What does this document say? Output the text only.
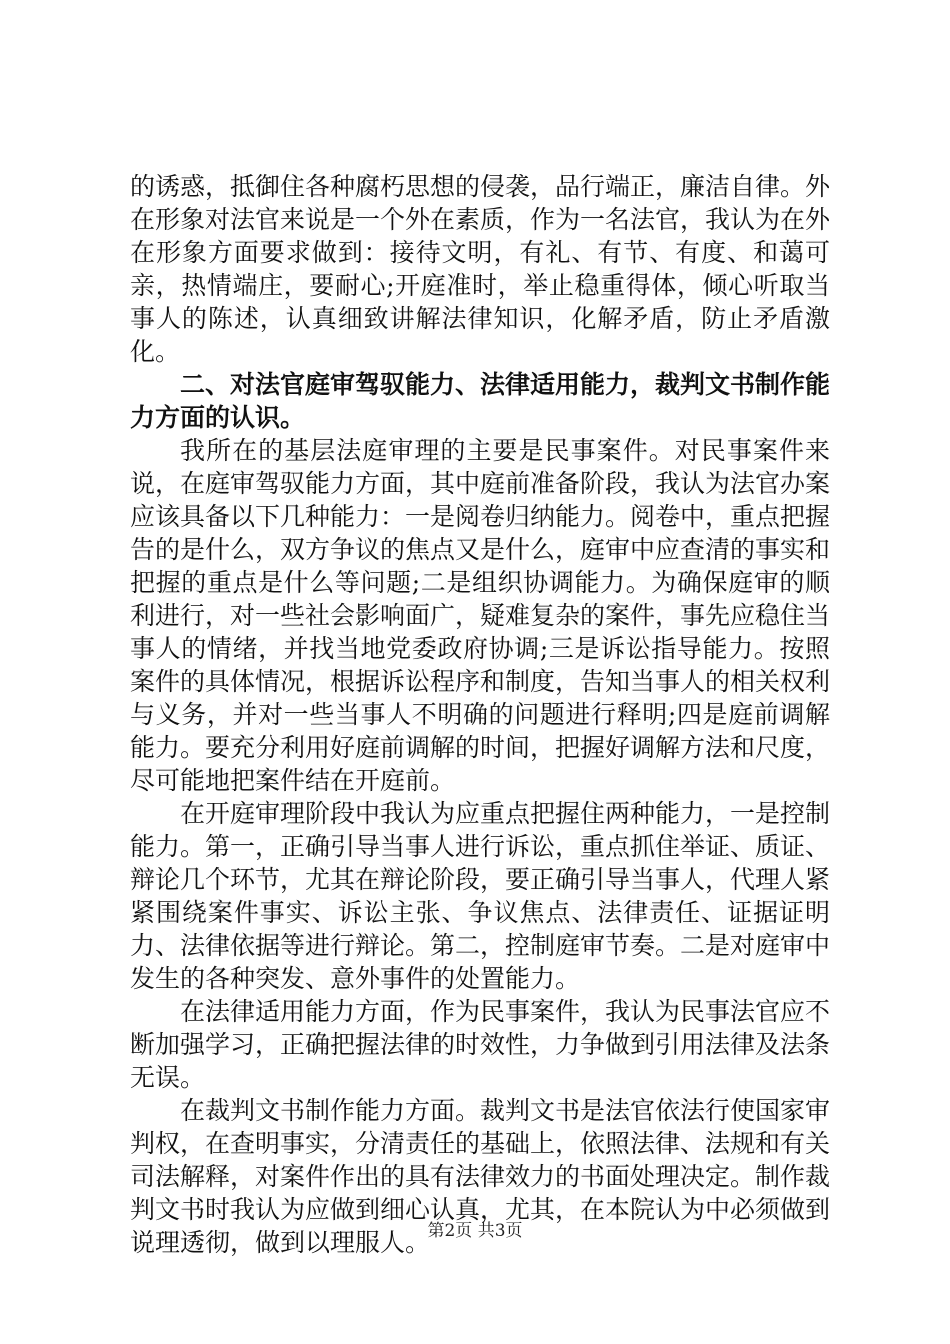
的诱惑，抵御住各种腐朽思想的侵袭，品行端正，廉洁自律。外在形象对法官来说是一个外在素质，作为一名法官，我认为在外在形象方面要求做到：接待文明，有礼、有节、有度、和蔼可亲，热情端庄，要耐心;开庭准时，举止稳重得体，倾心听取当事人的陈述，认真细致讲解法律知识，化解矛盾，防止矛盾激化。

二、对法官庭审驾驭能力、法律适用能力，裁判文书制作能力方面的认识。

我所在的基层法庭审理的主要是民事案件。对民事案件来说，在庭审驾驭能力方面，其中庭前准备阶段，我认为法官办案应该具备以下几种能力：一是阅卷归纳能力。阅卷中，重点把握告的是什么，双方争议的焦点又是什么，庭审中应查清的事实和把握的重点是什么等问题;二是组织协调能力。为确保庭审的顺利进行，对一些社会影响面广，疑难复杂的案件，事先应稳住当事人的情绪，并找当地党委政府协调;三是诉讼指导能力。按照案件的具体情况，根据诉讼程序和制度，告知当事人的相关权利与义务，并对一些当事人不明确的问题进行释明;四是庭前调解能力。要充分利用好庭前调解的时间，把握好调解方法和尺度，尽可能地把案件结在开庭前。

在开庭审理阶段中我认为应重点把握住两种能力，一是控制能力。第一，正确引导当事人进行诉讼，重点抓住举证、质证、辩论几个环节，尤其在辩论阶段，要正确引导当事人，代理人紧紧围绕案件事实、诉讼主张、争议焦点、法律责任、证据证明力、法律依据等进行辩论。第二，控制庭审节奏。二是对庭审中发生的各种突发、意外事件的处置能力。

在法律适用能力方面，作为民事案件，我认为民事法官应不断加强学习，正确把握法律的时效性，力争做到引用法律及法条无误。

在裁判文书制作能力方面。裁判文书是法官依法行使国家审判权，在查明事实，分清责任的基础上，依照法律、法规和有关司法解释，对案件作出的具有法律效力的书面处理决定。制作裁判文书时我认为应做到细心认真，尤其，在本院认为中必须做到说理透彻，做到以理服人。

第2页 共3页
